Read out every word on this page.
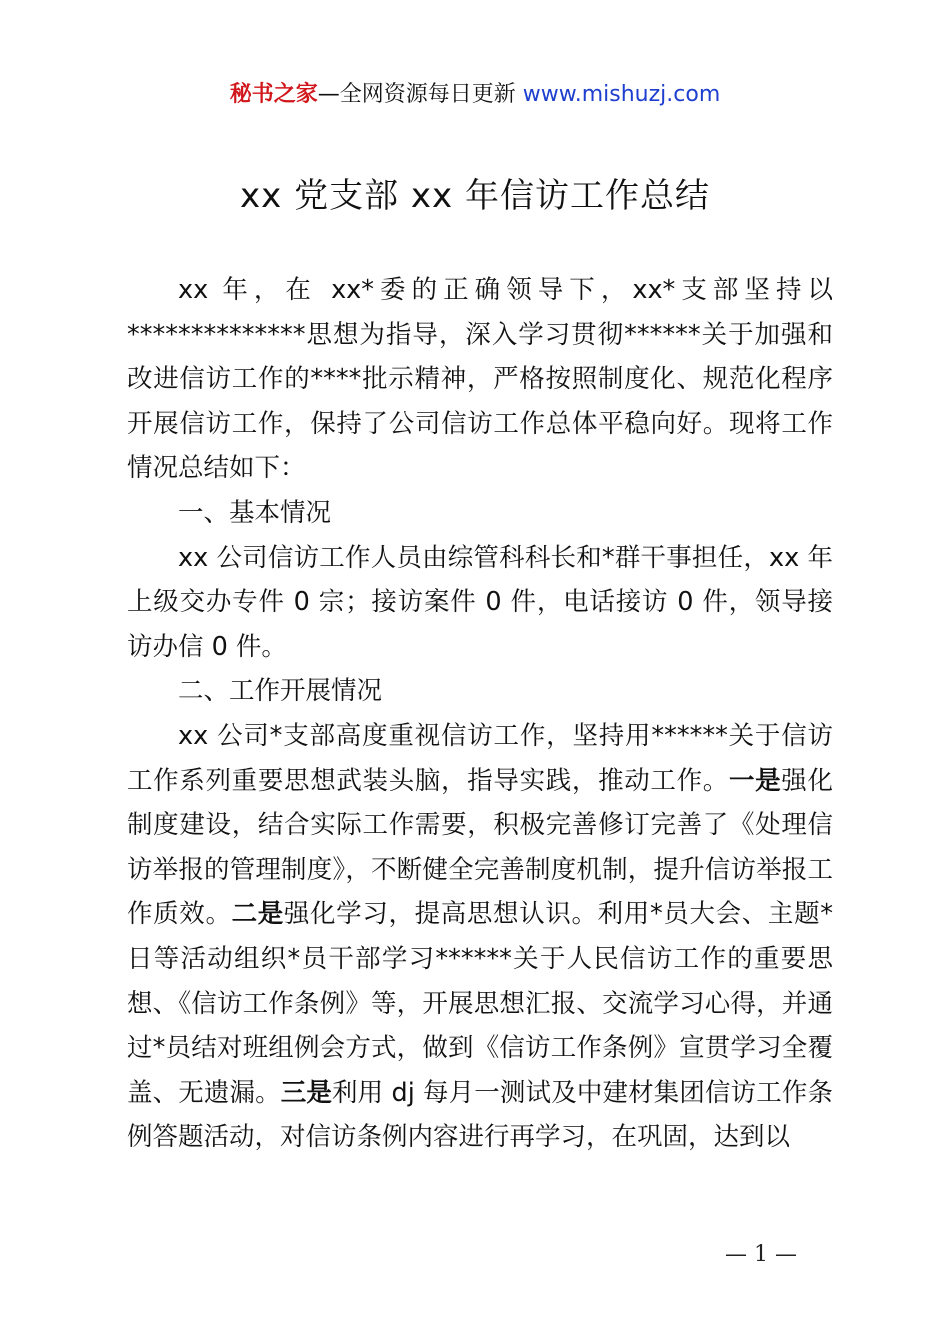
秘书之家—全网资源每日更新 www.mishuzj.com
xx 党支部 xx 年信访工作总结

xx 年，在 xx*委的正确领导下，xx*支部坚持以**************思想为指导，深入学习贯彻******关于加强和改进信访工作的****批示精神，严格按照制度化、规范化程序开展信访工作，保持了公司信访工作总体平稳向好。现将工作情况总结如下：

一、基本情况

xx 公司信访工作人员由综管科科长和*群干事担任，xx 年上级交办专件 0 宗；接访案件 0 件，电话接访 0 件，领导接访办信 0 件。

二、工作开展情况

xx 公司*支部高度重视信访工作，坚持用******关于信访工作系列重要思想武装头脑，指导实践，推动工作。一是强化制度建设，结合实际工作需要，积极完善修订完善了《处理信访举报的管理制度》，不断健全完善制度机制，提升信访举报工作质效。二是强化学习，提高思想认识。利用*员大会、主题*日等活动组织*员干部学习******关于人民信访工作的重要思想、《信访工作条例》等，开展思想汇报、交流学习心得，并通过*员结对班组例会方式，做到《信访工作条例》宣贯学习全覆盖、无遗漏。三是利用 dj 每月一测试及中建材集团信访工作条例答题活动，对信访条例内容进行再学习，在巩固，达到以

— 1 —
